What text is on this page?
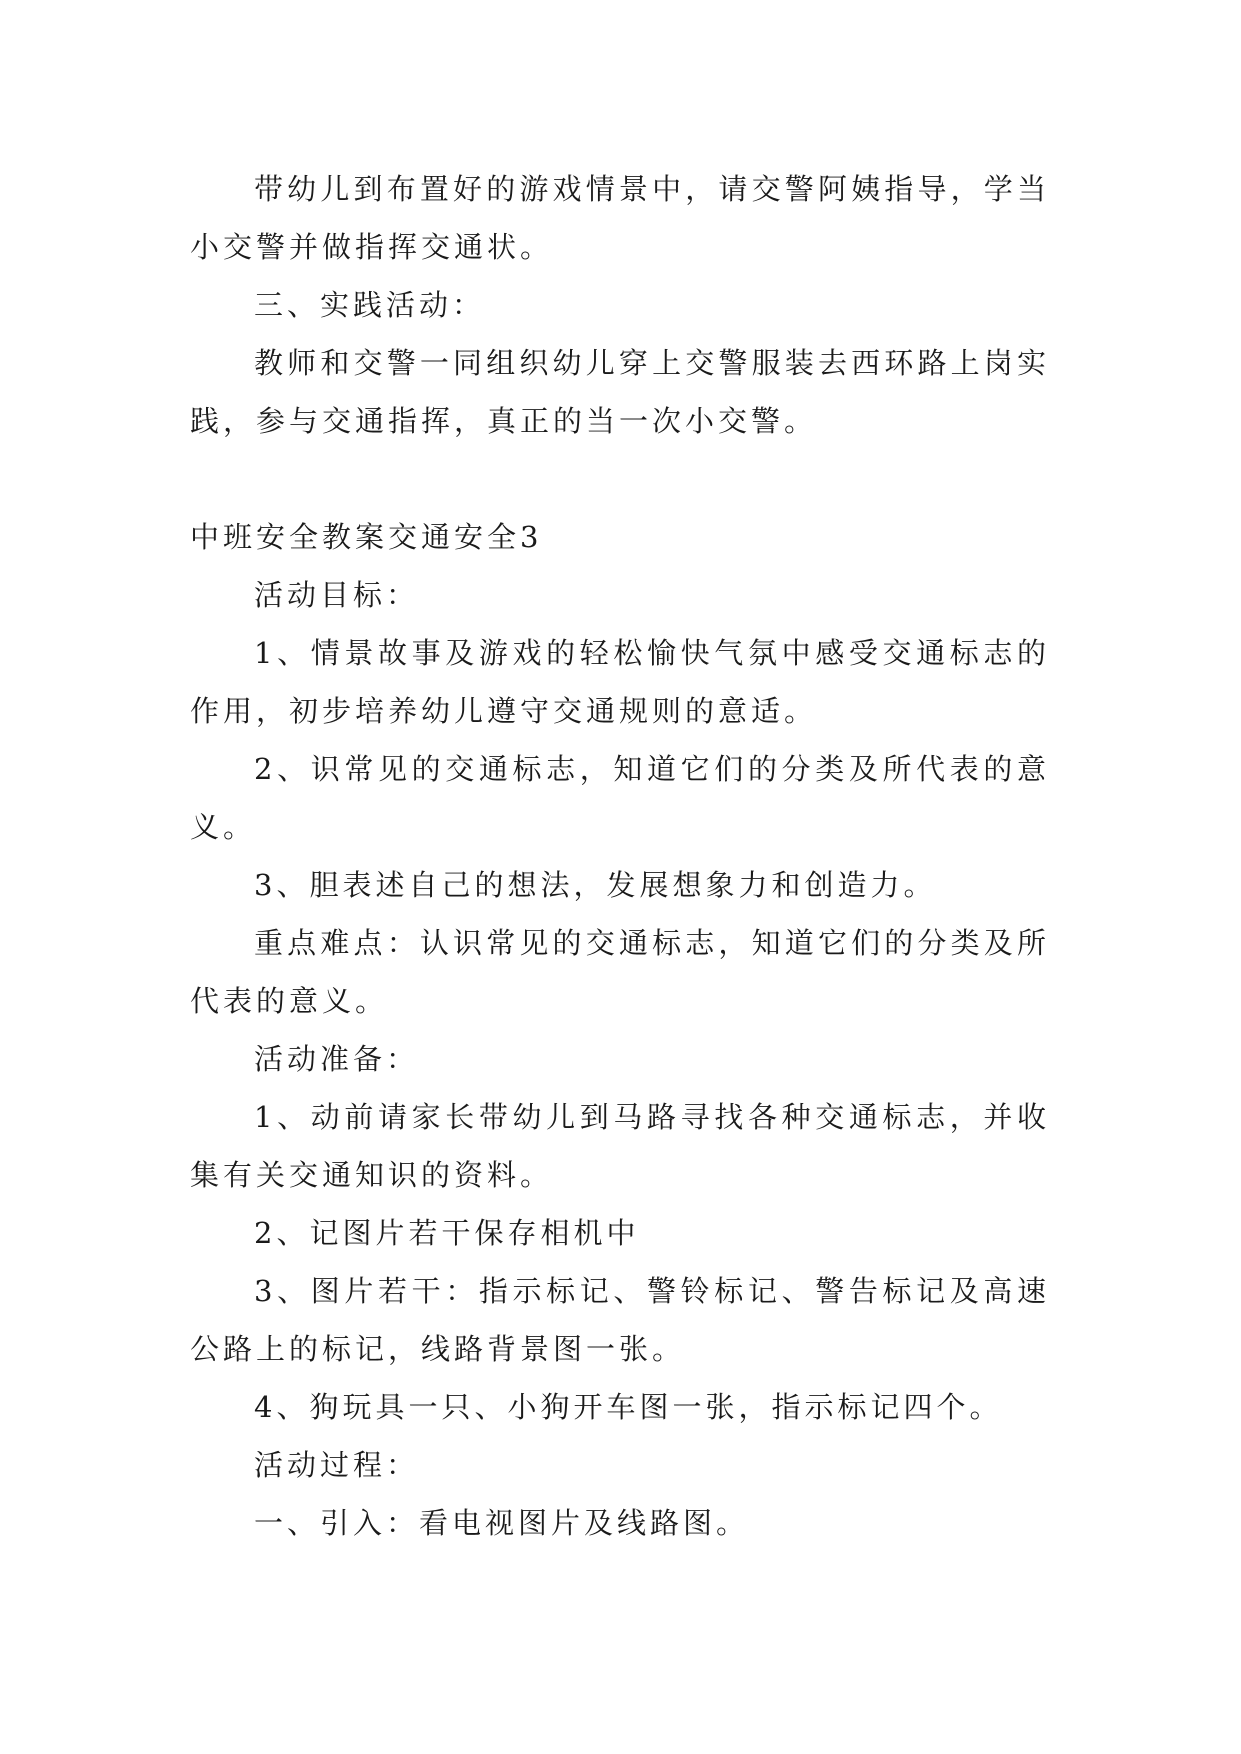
带幼儿到布置好的游戏情景中，请交警阿姨指导，学当小交警并做指挥交通状。

三、实践活动：

教师和交警一同组织幼儿穿上交警服装去西环路上岗实践，参与交通指挥，真正的当一次小交警。

中班安全教案交通安全3

活动目标：

1、情景故事及游戏的轻松愉快气氛中感受交通标志的作用，初步培养幼儿遵守交通规则的意适。

2、识常见的交通标志，知道它们的分类及所代表的意义。

3、胆表述自己的想法，发展想象力和创造力。

重点难点：认识常见的交通标志，知道它们的分类及所代表的意义。

活动准备：

1、动前请家长带幼儿到马路寻找各种交通标志，并收集有关交通知识的资料。

2、记图片若干保存相机中

3、图片若干：指示标记、警铃标记、警告标记及高速公路上的标记，线路背景图一张。

4、狗玩具一只、小狗开车图一张，指示标记四个。

活动过程：

一、引入：看电视图片及线路图。
